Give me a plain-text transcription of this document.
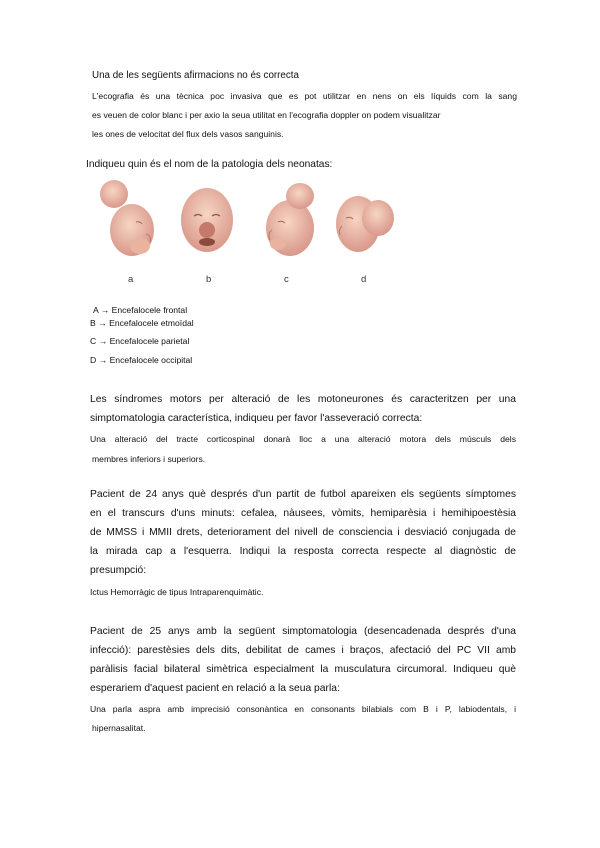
Una de les següents afirmacions no és correcta
L'ecografia és una tècnica poc invasiva que es pot utilitzar en nens on els líquids com la sang
es veuen de color blanc i per axio la seua utilitat en l'ecografia doppler on podem visualitzar
les ones de velocitat del flux dels vasos sanguinis.
Indiqueu quin és el nom de la patologia dels neonatas:
a	b	c	d
A → Encefalocele frontal
B → Encefalocele etmoïdal
C → Encefalocele parietal
D → Encefalocele occipital
Les síndromes motors per alteració de les motoneurones és caracteritzen per una
simptomatologia característica, indiqueu per favor l'asseveració correcta:
Una alteració del tracte corticospinal donarà lloc a una alteració motora dels músculs dels
membres inferiors i superiors.
Pacient de 24 anys què després d'un partit de futbol apareixen els següents símptomes
en el transcurs d'uns minuts: cefalea, nàusees, vòmits, hemiparèsia i hemihipoestèsia
de MMSS i MMII drets, deteriorament del nivell de consciencia i desviació conjugada de
la mirada cap a l'esquerra. Indiqui la resposta correcta respecte al diagnòstic de
presumpció:
Ictus Hemorràgic de tipus Intraparenquimàtic.
Pacient de 25 anys amb la següent simptomatologia (desencadenada després d'una
infecció): parestèsies dels dits, debilitat de cames i braços, afectació del PC VII amb
paràlisis facial bilateral simètrica especialment la musculatura circumoral. Indiqueu què
esperariem d'aquest pacient en relació a la seua parla:
Una parla aspra amb imprecisió consonàntica en consonants bilabials com B i P, labiodentals, i
hipernasalitat.
